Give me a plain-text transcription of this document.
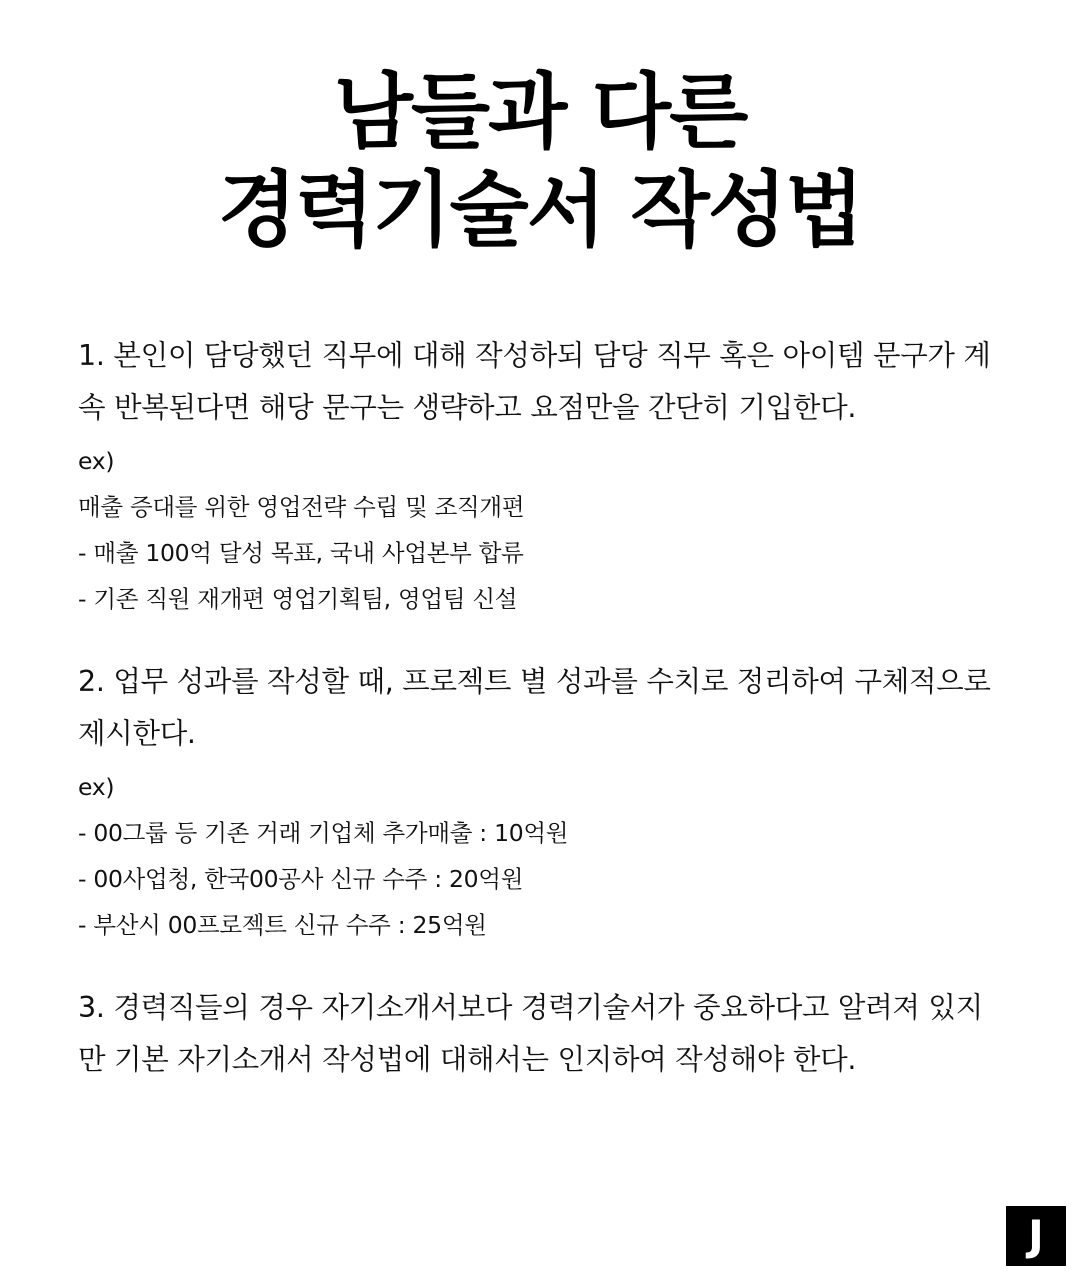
남들과 다른
경력기술서 작성법

1. 본인이 담당했던 직무에 대해 작성하되 담당 직무 혹은 아이템 문구가 계속 반복된다면 해당 문구는 생략하고 요점만을 간단히 기입한다.

ex)
매출 증대를 위한 영업전략 수립 및 조직개편
- 매출 100억 달성 목표, 국내 사업본부 합류
- 기존 직원 재개편 영업기획팀, 영업팀 신설

2. 업무 성과를 작성할 때, 프로젝트 별 성과를 수치로 정리하여 구체적으로 제시한다.

ex)
- 00그룹 등 기존 거래 기업체 추가매출 : 10억원
- 00사업청, 한국00공사 신규 수주 : 20억원
- 부산시 00프로젝트 신규 수주 : 25억원

3. 경력직들의 경우 자기소개서보다 경력기술서가 중요하다고 알려져 있지만 기본 자기소개서 작성법에 대해서는 인지하여 작성해야 한다.

J
